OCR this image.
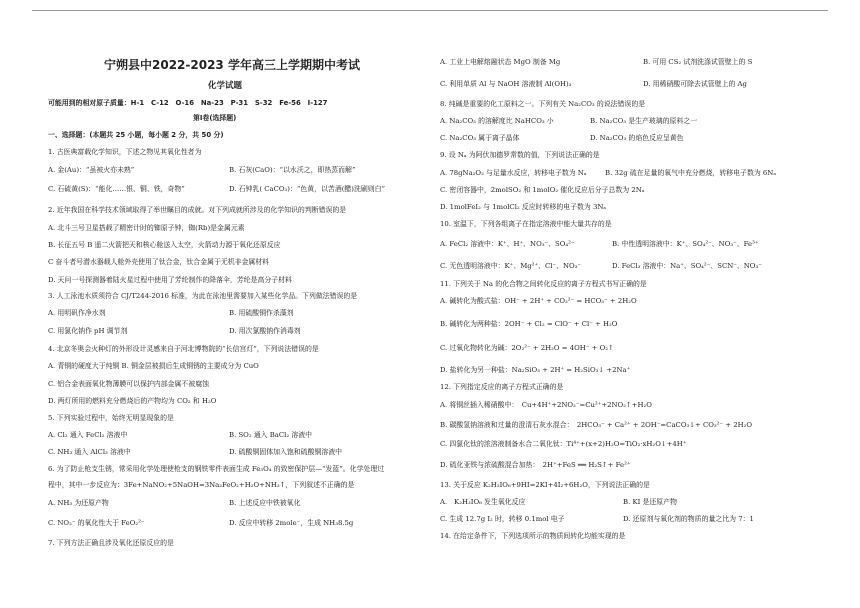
宁朔县中2022-2023 学年高三上学期期中考试
化学试题
可能用到的相对原子质量：H-1　C-12　O-16　Na-23　P-31　S-32　Fe-56　I-127
第Ⅰ卷(选择题)
一、选择题：(本题共 25 小题，每小题 2 分，共 50 分)
1. 古医典富载化学知识，下述之物见其氧化性者为
A. 金(Au)：“虽被火亦未熟”	B. 石灰(CaO)：“以水沃之，即热蒸而解”
C. 石硫黄(S)：“能化……银、铜、铁，奇物”	D. 石钟乳( CaCO₃)：“色黄，以苦酒(醋)洗刷则白”
2. 近年我国在科学技术领域取得了举世瞩目的成就。对下列成就所涉及的化学知识的判断错误的是
A. 北斗三号卫星搭载了精密计时的铷原子钟，铷(Rb)是金属元素
B. 长征五号 B 遥二火箭把天和核心舱送入太空，火箭动力源于氧化还原反应
C 奋斗者号潜水器载人舱外壳使用了钛合金，钛合金属于无机非金属材料
D. 天问一号探测器着陆火星过程中使用了芳纶制作的降落伞，芳纶是高分子材料
3. 人工泳池水质须符合 CJ/T244-2016 标准，为此在泳池里需要加入某些化学品。下列做法错误的是
A. 用明矾作净水剂	B. 用硫酸铜作杀藻剂
C. 用氯化钠作 pH 调节剂	D. 用次氯酸钠作消毒剂
4. 北京冬奥会火种灯的外形设计灵感来自于河北博物院的“长信宫灯”，下列说法错误的是
A. 青铜的硬度大于纯铜 B. 铜金层被损后生成铜锈的主要成分为 CuO
C. 铝合金表面氧化物薄膜可以保护内部金属不被腐蚀
D. 两灯所用的燃料充分燃烧后的产物均为 CO₂ 和 H₂O
5. 下列实验过程中，始终无明显现象的是
A. Cl₂ 通入 FeCl₂ 溶液中	B. SO₂ 通入 BaCl₂ 溶液中
C. NH₃ 通入 AlCl₃ 溶液中	D. 硫酸铜固体加入饱和硫酸铜溶液中
6. 为了防止枪支生锈，常采用化学处理使枪支的钢铁零件表面生成 Fe₃O₄ 的致密保护层—“发蓝”。化学处理过
程中，其中一步反应为：3Fe+NaNO₂+5NaOH=3Na₂FeO₂+H₂O+NH₃↑，下列叙述不正确的是
A. NH₃ 为还原产物	B. 上述反应中铁被氧化
C. NO₂⁻ 的氧化性大于 FeO₂²⁻	D. 反应中转移 2mole⁻，生成 NH₃8.5g
7. 下列方法正确且涉及氧化还原反应的是
A. 工业上电解熔融状态 MgO 制备 Mg	B. 可用 CS₂ 试剂洗涤试管壁上的 S
C. 利用单质 Al 与 NaOH 溶液制 Al(OH)₃	D. 用稀硝酸可除去试管壁上的 Ag
8. 纯碱是重要的化工原料之一。下列有关 Na₂CO₃ 的说法错误的是
A. Na₂CO₃ 的溶解度比 NaHCO₃ 小	B. Na₂CO₃ 是生产玻璃的原料之一
C. Na₂CO₃ 属于离子晶体	D. Na₂CO₃ 的焰色反应呈黄色
9. 设 Nₐ 为阿伏加德罗常数的值，下列说法正确的是
A. 78gNa₂O₂ 与足量水反应，转移电子数为 Nₐ	B. 32g 硫在足量的氧气中充分燃烧，转移电子数为 6Nₐ
C. 密闭容器中，2molSO₂ 和 1molO₂ 催化反应后分子总数为 2Nₐ
D. 1molFeI₂ 与 1molCl₂ 反应时转移的电子数为 3Nₐ
10. 室温下，下列各组离子在指定溶液中能大量共存的是
A. FeCl₂ 溶液中：K⁺、H⁺、NO₃⁻、SO₄²⁻	B. 中性透明溶液中：K⁺、SO₄²⁻、NO₃⁻、Fe³⁺
C. 无色透明溶液中：K⁺、Mg²⁺、Cl⁻、NO₃⁻	D. FeCl₃ 溶液中：Na⁺、SO₄²⁻、SCN⁻、NO₃⁻
11. 下列关于 Na 的化合物之间转化反应的离子方程式书写正确的是
A. 碱转化为酸式盐：OH⁻ + 2H⁺ + CO₃²⁻ = HCO₃⁻ + 2H₂O
B. 碱转化为两种盐：2OH⁻ + Cl₂ = ClO⁻ + Cl⁻ + H₂O
C. 过氧化物转化为碱：2O₂²⁻ + 2H₂O = 4OH⁻ + O₂↑
D. 盐转化为另一种盐：Na₂SiO₃ + 2H⁺ = H₂SiO₃↓ +2Na⁺
12. 下列指定反应的离子方程式正确的是
A. 将铜丝插入稀硝酸中：　Cu+4H⁺+2NO₃⁻=Cu²⁺+2NO₂↑+H₂O
B. 碳酸氢钠溶液和过量的澄清石灰水混合：　2HCO₃⁻ + Ca²⁺ + 2OH⁻=CaCO₃↓+ CO₃²⁻ + 2H₂O
C. 四氯化钛的浓溶液制备水合二氧化钛：Ti⁴⁺+(x+2)H₂O=TiO₂·xH₂O↓+4H⁺
D. 硫化亚铁与浓硫酸混合加热：　2H⁺+FeS ══ H₂S↑+ Fe²⁺
13. 关于反应 K₂H₃IO₆+9HI=2KI+4I₂+6H₂O，下列说法正确的是
A.　K₂H₃IO₆ 发生氧化反应	B. KI 是还原产物
C. 生成 12.7g I₂ 时，转移 0.1mol 电子	D. 还原剂与氧化剂的物质的量之比为 7：1
14. 在给定条件下，下列选项所示的物质间转化均能实现的是
